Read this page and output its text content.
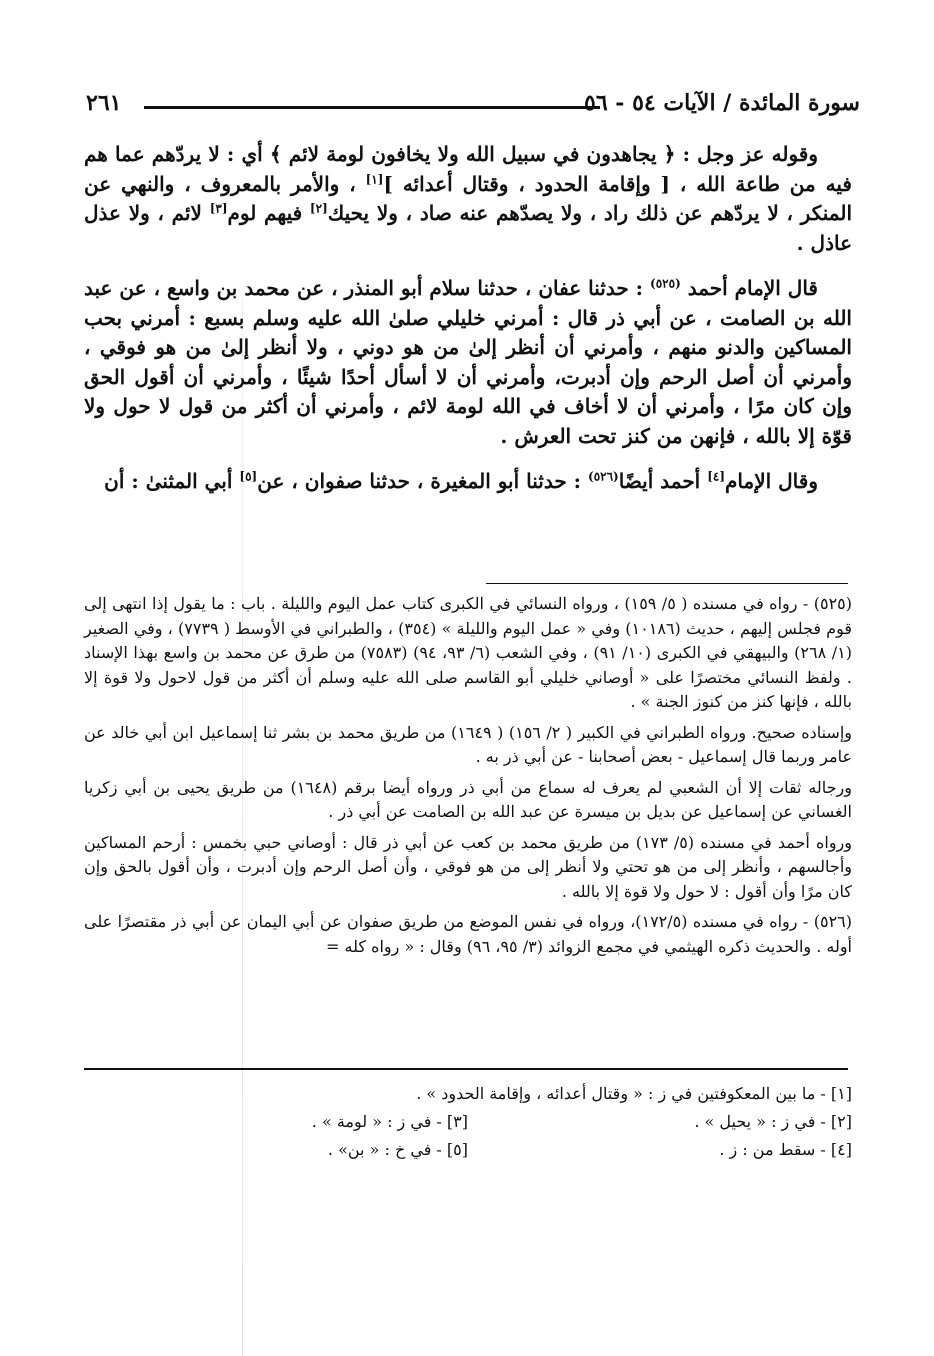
٢٦١	سورة المائدة / الآيات ٥٤ - ٥٦

وقوله عز وجل : ﴿ يجاهدون في سبيل الله ولا يخافون لومة لائم ﴾ أي : لا يردّهم عما هم فيه من طاعة الله ، [ وإقامة الحدود ، وقتال أعدائه ][١] ، والأمر بالمعروف ، والنهي عن المنكر ، لا يردّهم عن ذلك راد ، ولا يصدّهم عنه صاد ، ولا يحيك[٢] فيهم لوم[٣] لائم ، ولا عذل عاذل .

قال الإمام أحمد $^{(٥٢٥)}$ : حدثنا عفان ، حدثنا سلام أبو المنذر ، عن محمد بن واسع ، عن عبد الله بن الصامت ، عن أبي ذر قال : أمرني خليلي صلىٰ الله عليه وسلم بسبع : أمرني بحب المساكين والدنو منهم ، وأمرني أن أنظر إلىٰ من هو دوني ، ولا أنظر إلىٰ من هو فوقي ، وأمرني أن أصل الرحم وإن أدبرت، وأمرني أن لا أسأل أحدًا شيئًا ، وأمرني أن أقول الحق وإن كان مرًا ، وأمرني أن لا أخاف في الله لومة لائم ، وأمرني أن أكثر من قول لا حول ولا قوّة إلا بالله ، فإنهن من كنز تحت العرش .

وقال الإمام[٤] أحمد أيضًا$^{(٥٢٦)}$ : حدثنا أبو المغيرة ، حدثنا صفوان ، عن[٥] أبي المثنىٰ : أن

(٥٢٥) - رواه في مسنده ( ٥/ ١٥٩) ، ورواه النسائي في الكبرى كتاب عمل اليوم والليلة . باب : ما يقول إذا انتهى إلى قوم فجلس إليهم ، حديث (١٠١٨٦) وفي « عمل اليوم والليلة » (٣٥٤) ، والطبراني في الأوسط ( ٧٧٣٩) ، وفي الصغير (١/ ٢٦٨) والبيهقي في الكبرى (١٠/ ٩١) ، وفي الشعب (٦/ ٩٣، ٩٤) (٧٥٨٣) من طرق عن محمد بن واسع بهذا الإسناد . ولفظ النسائي مختصرًا على « أوصاني خليلي أبو القاسم صلى الله عليه وسلم أن أكثر من قول لاحول ولا قوة إلا بالله ، فإنها كنز من كنوز الجنة » .

وإسناده صحيح. ورواه الطبراني في الكبير ( ٢/ ١٥٦) ( ١٦٤٩) من طريق محمد بن بشر ثنا إسماعيل ابن أبي خالد عن عامر وربما قال إسماعيل - بعض أصحابنا - عن أبي ذر به .

ورجاله ثقات إلا أن الشعبي لم يعرف له سماع من أبي ذر ورواه أيضا برقم (١٦٤٨) من طريق يحيى بن أبي زكريا الغساني عن إسماعيل عن بديل بن ميسرة عن عبد الله بن الصامت عن أبي ذر .

ورواه أحمد في مسنده (٥/ ١٧٣) من طريق محمد بن كعب عن أبي ذر قال : أوصاني حبي بخمس : أرحم المساكين وأجالسهم ، وأنظر إلى من هو تحتي ولا أنظر إلى من هو فوقي ، وأن أصل الرحم وإن أدبرت ، وأن أقول بالحق وإن كان مرًا وأن أقول : لا حول ولا قوة إلا بالله .

(٥٢٦) - رواه في مسنده (١٧٢/٥)، ورواه في نفس الموضع من طريق صفوان عن أبي اليمان عن أبي ذر مقتصرًا على أوله . والحديث ذكره الهيثمي في مجمع الزوائد (٣/ ٩٥، ٩٦) وقال : « رواه كله =

[١] - ما بين المعكوفتين في ز : « وقتال أعدائه ، وإقامة الحدود » .
[٢] - في ز : « يحيل » .
[٣] - في ز : « لومة » .
[٤] - سقط من : ز .
[٥] - في خ : « بن» .
